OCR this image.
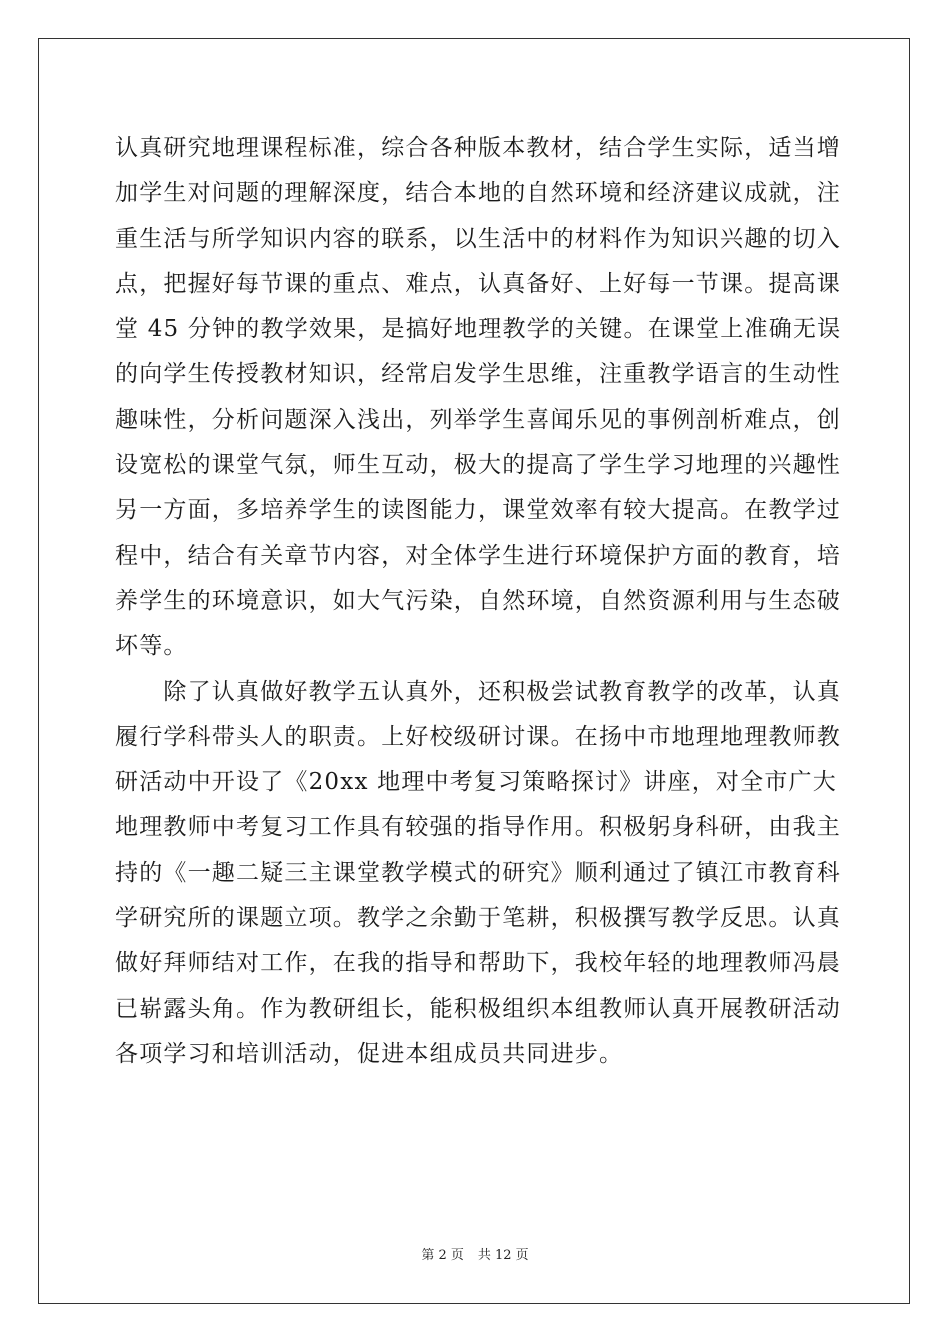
认真研究地理课程标准，综合各种版本教材，结合学生实际，适当增
加学生对问题的理解深度，结合本地的自然环境和经济建议成就，注
重生活与所学知识内容的联系，以生活中的材料作为知识兴趣的切入
点，把握好每节课的重点、难点，认真备好、上好每一节课。提高课
堂 45 分钟的教学效果，是搞好地理教学的关键。在课堂上准确无误
的向学生传授教材知识，经常启发学生思维，注重教学语言的生动性
趣味性，分析问题深入浅出，列举学生喜闻乐见的事例剖析难点，创
设宽松的课堂气氛，师生互动，极大的提高了学生学习地理的兴趣性
另一方面，多培养学生的读图能力，课堂效率有较大提高。在教学过
程中，结合有关章节内容，对全体学生进行环境保护方面的教育，培
养学生的环境意识，如大气污染，自然环境，自然资源利用与生态破
坏等。

　　除了认真做好教学五认真外，还积极尝试教育教学的改革，认真
履行学科带头人的职责。上好校级研讨课。在扬中市地理地理教师教
研活动中开设了《20xx 地理中考复习策略探讨》讲座，对全市广大
地理教师中考复习工作具有较强的指导作用。积极躬身科研，由我主
持的《一趣二疑三主课堂教学模式的研究》顺利通过了镇江市教育科
学研究所的课题立项。教学之余勤于笔耕，积极撰写教学反思。认真
做好拜师结对工作，在我的指导和帮助下，我校年轻的地理教师冯晨
已崭露头角。作为教研组长，能积极组织本组教师认真开展教研活动
各项学习和培训活动，促进本组成员共同进步。

第 2 页 共 12 页
